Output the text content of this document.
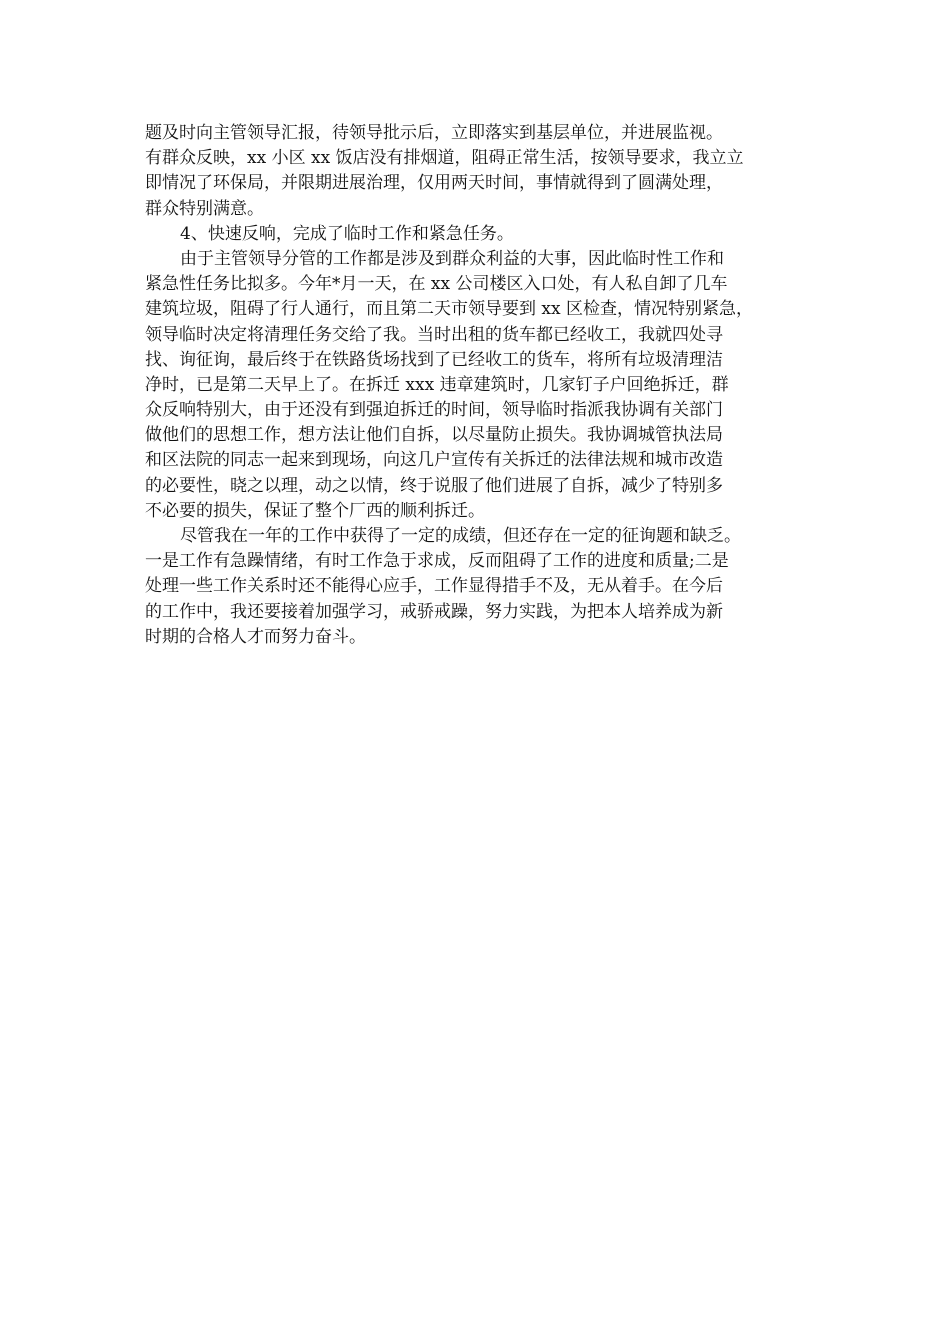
题及时向主管领导汇报，待领导批示后，立即落实到基层单位，并进展监视。
有群众反映，xx 小区 xx 饭店没有排烟道，阻碍正常生活，按领导要求，我立立
即情况了环保局，并限期进展治理，仅用两天时间，事情就得到了圆满处理，
群众特别满意。
4、快速反响，完成了临时工作和紧急任务。
由于主管领导分管的工作都是涉及到群众利益的大事，因此临时性工作和
紧急性任务比拟多。今年*月一天，在 xx 公司楼区入口处，有人私自卸了几车
建筑垃圾，阻碍了行人通行，而且第二天市领导要到 xx 区检查，情况特别紧急，
领导临时决定将清理任务交给了我。当时出租的货车都已经收工，我就四处寻
找、询征询，最后终于在铁路货场找到了已经收工的货车，将所有垃圾清理洁
净时，已是第二天早上了。在拆迁 xxx 违章建筑时，几家钉子户回绝拆迁，群
众反响特别大，由于还没有到强迫拆迁的时间，领导临时指派我协调有关部门
做他们的思想工作，想方法让他们自拆，以尽量防止损失。我协调城管执法局
和区法院的同志一起来到现场，向这几户宣传有关拆迁的法律法规和城市改造
的必要性，晓之以理，动之以情，终于说服了他们进展了自拆，减少了特别多
不必要的损失，保证了整个厂西的顺利拆迁。
尽管我在一年的工作中获得了一定的成绩，但还存在一定的征询题和缺乏。
一是工作有急躁情绪，有时工作急于求成，反而阻碍了工作的进度和质量;二是
处理一些工作关系时还不能得心应手，工作显得措手不及，无从着手。在今后
的工作中，我还要接着加强学习，戒骄戒躁，努力实践，为把本人培养成为新
时期的合格人才而努力奋斗。
